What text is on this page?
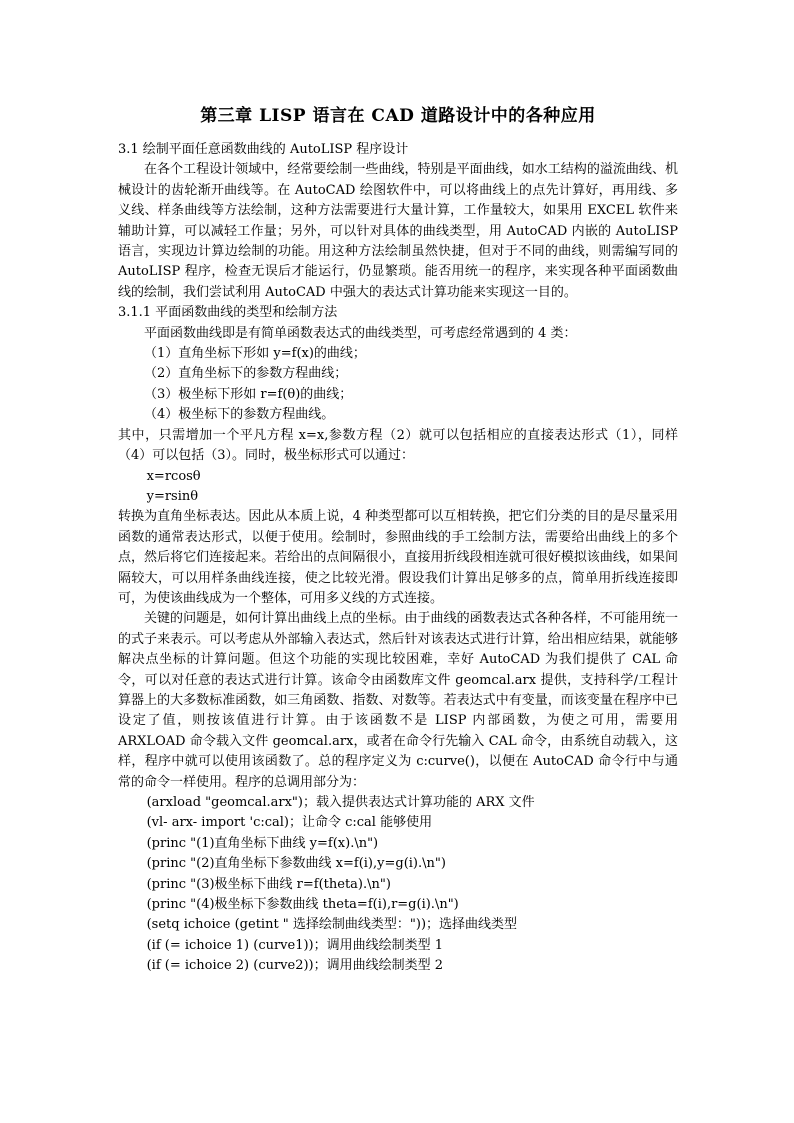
第三章 LISP 语言在 CAD 道路设计中的各种应用

3.1 绘制平面任意函数曲线的 AutoLISP 程序设计

在各个工程设计领域中，经常要绘制一些曲线，特别是平面曲线，如水工结构的溢流曲线、机械设计的齿轮渐开曲线等。在 AutoCAD 绘图软件中，可以将曲线上的点先计算好，再用线、多义线、样条曲线等方法绘制，这种方法需要进行大量计算，工作量较大，如果用 EXCEL 软件来辅助计算，可以减轻工作量；另外，可以针对具体的曲线类型，用 AutoCAD 内嵌的 AutoLISP 语言，实现边计算边绘制的功能。用这种方法绘制虽然快捷，但对于不同的曲线，则需编写同的 AutoLISP 程序，检查无误后才能运行，仍显繁琐。能否用统一的程序，来实现各种平面函数曲线的绘制，我们尝试利用 AutoCAD 中强大的表达式计算功能来实现这一目的。

3.1.1 平面函数曲线的类型和绘制方法

平面函数曲线即是有简单函数表达式的曲线类型，可考虑经常遇到的 4 类：

（1）直角坐标下形如 y=f(x)的曲线；

（2）直角坐标下的参数方程曲线；

（3）极坐标下形如 r=f(θ)的曲线；

（4）极坐标下的参数方程曲线。

其中，只需增加一个平凡方程 x=x,参数方程（2）就可以包括相应的直接表达形式（1），同样（4）可以包括（3）。同时，极坐标形式可以通过：

x=rcosθ

y=rsinθ

转换为直角坐标表达。因此从本质上说，4 种类型都可以互相转换，把它们分类的目的是尽量采用函数的通常表达形式，以便于使用。绘制时，参照曲线的手工绘制方法，需要给出曲线上的多个点，然后将它们连接起来。若给出的点间隔很小，直接用折线段相连就可很好模拟该曲线，如果间隔较大，可以用样条曲线连接，使之比较光滑。假设我们计算出足够多的点，简单用折线连接即可，为使该曲线成为一个整体，可用多义线的方式连接。

关键的问题是，如何计算出曲线上点的坐标。由于曲线的函数表达式各种各样，不可能用统一的式子来表示。可以考虑从外部输入表达式，然后针对该表达式进行计算，给出相应结果，就能够解决点坐标的计算问题。但这个功能的实现比较困难，幸好 AutoCAD 为我们提供了 CAL 命令，可以对任意的表达式进行计算。该命令由函数库文件 geomcal.arx 提供，支持科学/工程计算器上的大多数标准函数，如三角函数、指数、对数等。若表达式中有变量，而该变量在程序中已设定了值，则按该值进行计算。由于该函数不是 LISP 内部函数，为使之可用，需要用 ARXLOAD 命令载入文件 geomcal.arx，或者在命令行先输入 CAL 命令，由系统自动载入，这样，程序中就可以使用该函数了。总的程序定义为 c:curve()，以便在 AutoCAD 命令行中与通常的命令一样使用。程序的总调用部分为：

(arxload "geomcal.arx")；载入提供表达式计算功能的 ARX 文件

(vl- arx- import 'c:cal)；让命令 c:cal 能够使用

(princ "(1)直角坐标下曲线 y=f(x).\n")

(princ "(2)直角坐标下参数曲线 x=f(i),y=g(i).\n")

(princ "(3)极坐标下曲线 r=f(theta).\n")

(princ "(4)极坐标下参数曲线 theta=f(i),r=g(i).\n")

(setq ichoice (getint " 选择绘制曲线类型："))；选择曲线类型

(if (= ichoice 1) (curve1))；调用曲线绘制类型 1

(if (= ichoice 2) (curve2))；调用曲线绘制类型 2
